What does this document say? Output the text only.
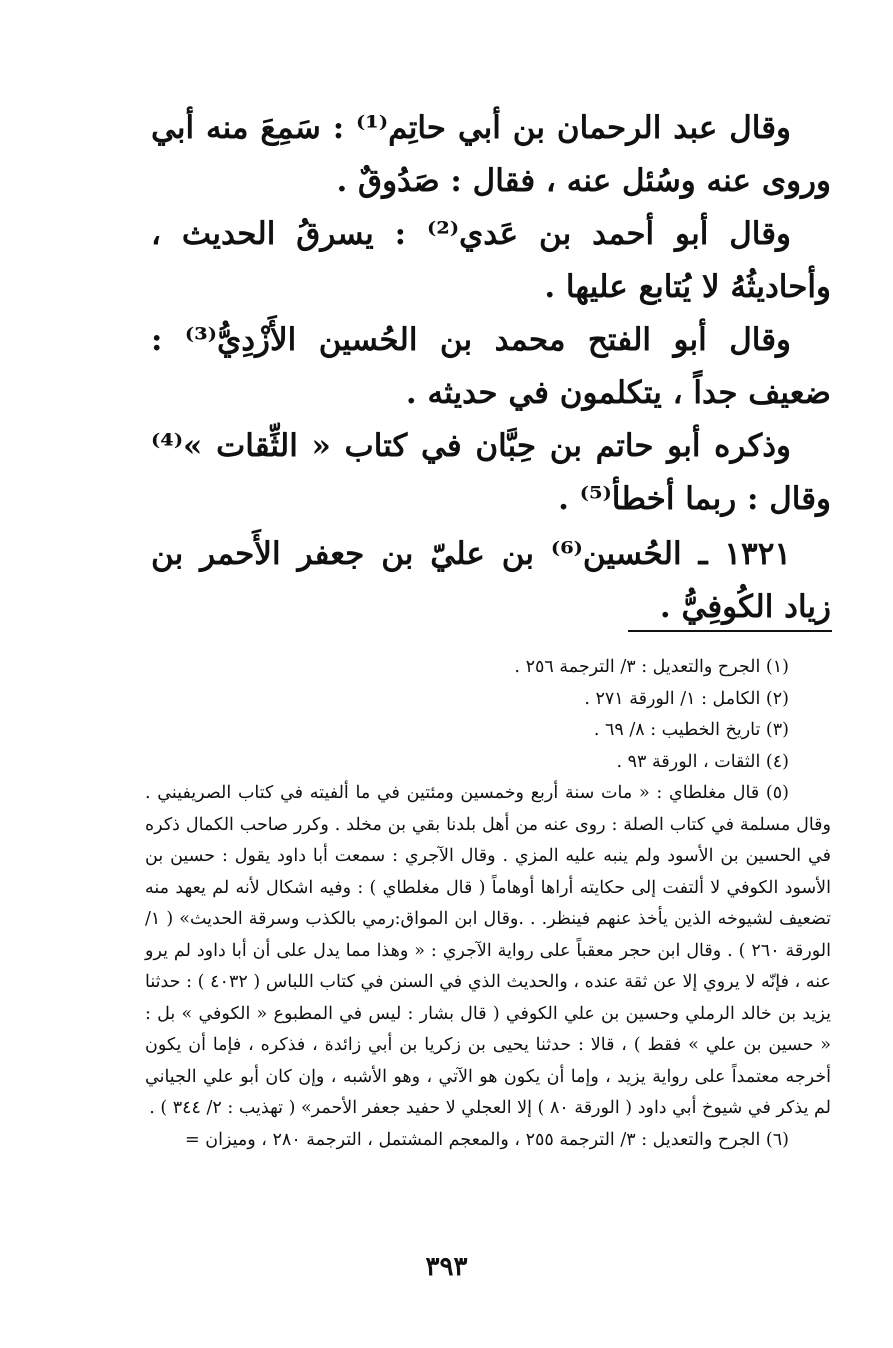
وقال عبد الرحمان بن أبي حاتِم⁽¹⁾ : سَمِعَ منه أبي وروى عنه وسُئل عنه ، فقال : صَدُوقٌ .

وقال أبو أحمد بن عَدي⁽²⁾ : يسرقُ الحديث ، وأحاديثُهُ لا يُتابع عليها .

وقال أبو الفتح محمد بن الحُسين الأَزْدِيُّ⁽³⁾ : ضعيف جداً ، يتكلمون في حديثه .

وذكره أبو حاتم بن حِبَّان في كتاب « الثِّقات »⁽⁴⁾ وقال : ربما أخطأ⁽⁵⁾ .

١٣٢١ ـ الحُسين⁽⁶⁾ بن عليّ بن جعفر الأَحمر بن زياد الكُوفِيُّ .

(١) الجرح والتعديل : ٣/ الترجمة ٢٥٦ .

(٢) الكامل : ١/ الورقة ٢٧١ .

(٣) تاريخ الخطيب : ٨/ ٦٩ .

(٤) الثقات ، الورقة ٩٣ .

(٥) قال مغلطاي : « مات سنة أربع وخمسين ومئتين في ما ألفيته في كتاب الصريفيني . وقال مسلمة في كتاب الصلة : روى عنه من أهل بلدنا بقي بن مخلد . وكرر صاحب الكمال ذكره في الحسين بن الأسود ولم ينبه عليه المزي . وقال الآجري : سمعت أبا داود يقول : حسين بن الأسود الكوفي لا ألتفت إلى حكايته أراها أوهاماً ( قال مغلطاي ) : وفيه اشكال لأنه لم يعهد منه تضعيف لشيوخه الذين يأخذ عنهم فينظر. . .وقال ابن المواق:رمي بالكذب وسرقة الحديث» ( ١/ الورقة ٢٦٠ ) . وقال ابن حجر معقباً على رواية الآجري : « وهذا مما يدل على أن أبا داود لم يرو عنه ، فإنّه لا يروي إلا عن ثقة عنده ، والحديث الذي في السنن في كتاب اللباس ( ٤٠٣٢ ) : حدثنا يزيد بن خالد الرملي وحسين بن علي الكوفي ( قال بشار : ليس في المطبوع « الكوفي » بل : « حسين بن علي » فقط ) ، قالا : حدثنا يحيى بن زكريا بن أبي زائدة ، فذكره ، فإما أن يكون أخرجه معتمداً على رواية يزيد ، وإما أن يكون هو الآتي ، وهو الأشبه ، وإن كان أبو علي الجياني لم يذكر في شيوخ أبي داود ( الورقة ٨٠ ) إلا العجلي لا حفيد جعفر الأحمر» ( تهذيب : ٢/ ٣٤٤ ) .

(٦) الجرح والتعديل : ٣/ الترجمة ٢٥٥ ، والمعجم المشتمل ، الترجمة ٢٨٠ ، وميزان =

٣٩٣
